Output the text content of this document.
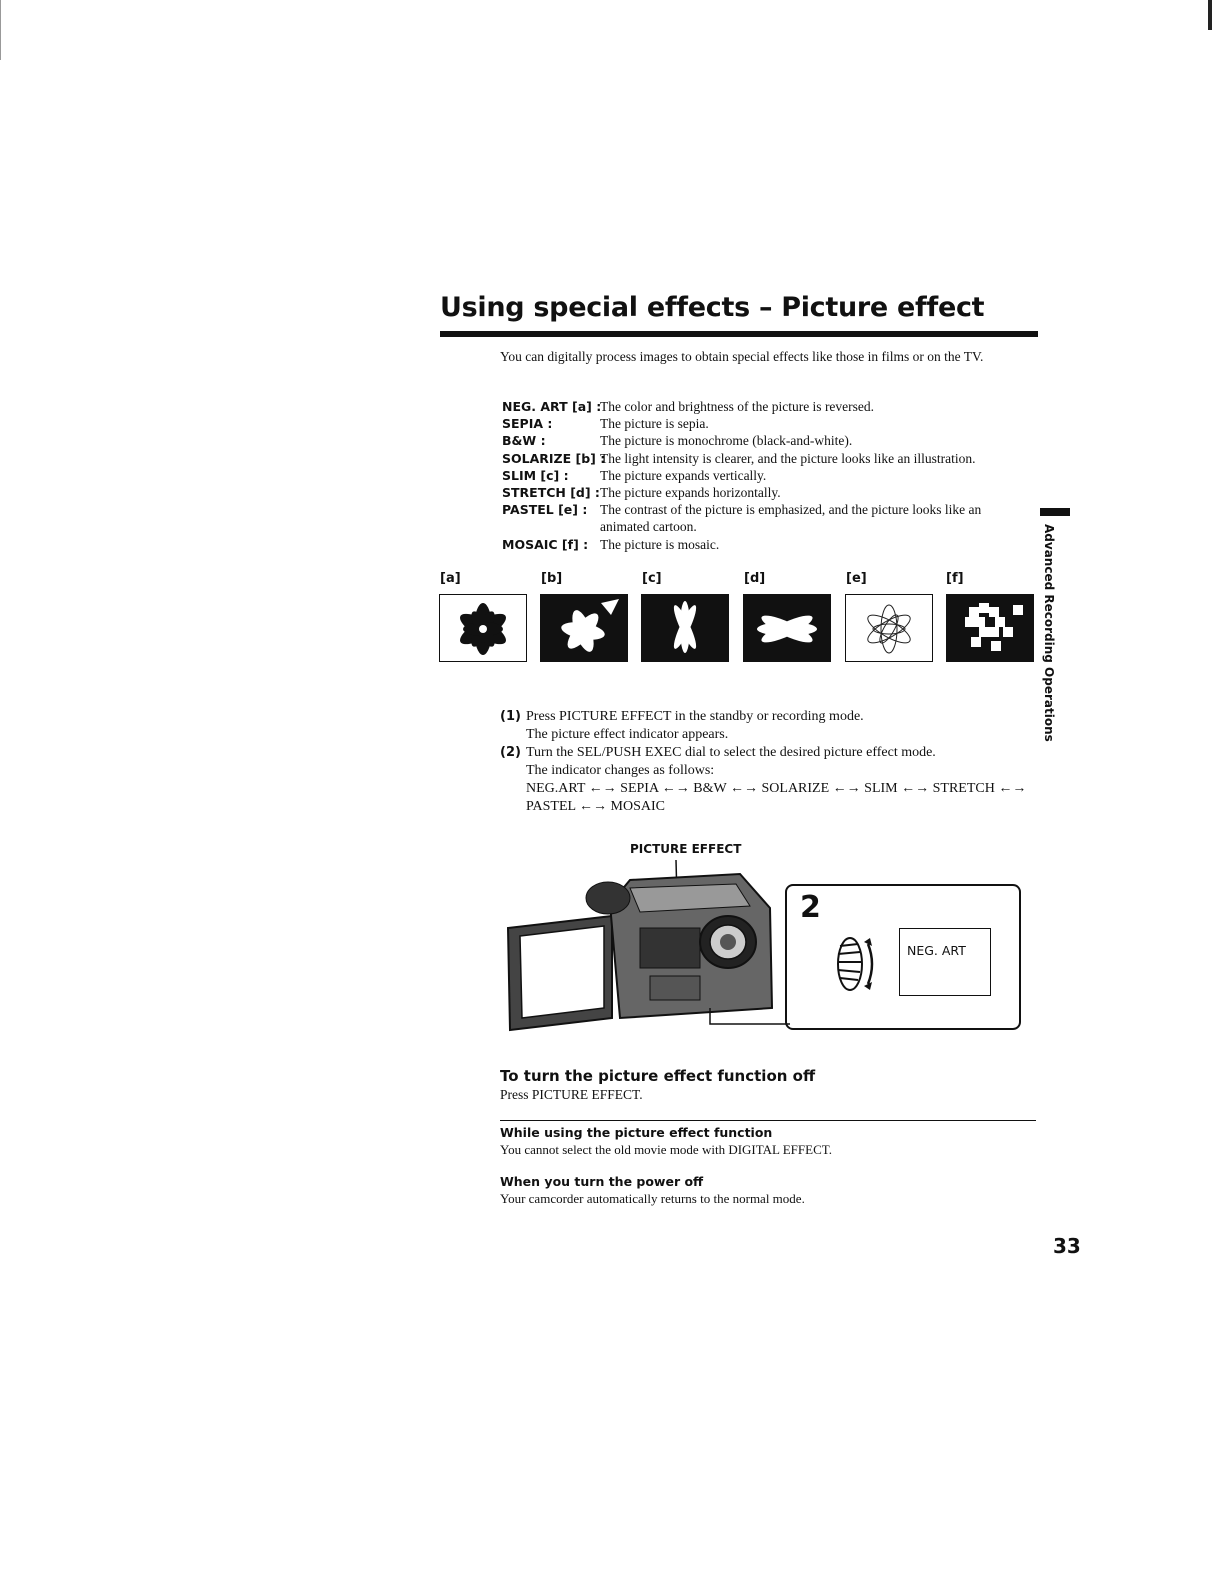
Using special effects – Picture effect
You can digitally process images to obtain special effects like those in films or on the TV.
NEG. ART [a] :
The color and brightness of the picture is reversed.
SEPIA :	The picture is sepia.
B&W :	The picture is monochrome (black-and-white).
SOLARIZE [b] :
The light intensity is clearer, and the picture looks like an illustration.
SLIM [c] :	The picture expands vertically.
STRETCH [d] : The picture expands horizontally.
PASTEL [e] : The contrast of the picture is emphasized, and the picture looks like an animated cartoon.
MOSAIC [f] : The picture is mosaic.
[a]	[b]	[c]	[d]	[e]	[f]	Advanced Recording Operations
(1) Press PICTURE EFFECT in the standby or recording mode.

The picture effect indicator appears.

(2) Turn the SEL/PUSH EXEC dial to select the desired picture effect mode.

The indicator changes as follows:

NEG.ART ←→ SEPIA ←→ B&W ←→ SOLARIZE ←→ SLIM ←→ STRETCH ←→

PASTEL ←→ MOSAIC

PICTURE EFFECT
2
NEG. ART
To turn the picture effect function off
Press PICTURE EFFECT.
While using the picture effect function
You cannot select the old movie mode with DIGITAL EFFECT.
When you turn the power off
Your camcorder automatically returns to the normal mode.
33
